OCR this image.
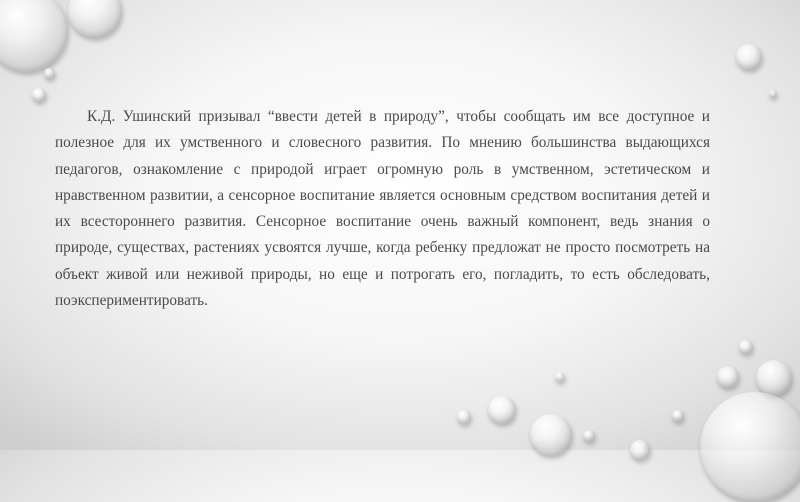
К.Д. Ушинский призывал “ввести детей в природу”, чтобы сообщать им все доступное и полезное для их умственного и словесного развития. По мнению большинства выдающихся педагогов, ознакомление с природой играет огромную роль в умственном, эстетическом и нравственном развитии, а сенсорное воспитание является основным средством воспитания детей и их всестороннего развития. Сенсорное воспитание очень важный компонент, ведь знания о природе, существах, растениях усвоятся лучше, когда ребенку предложат не просто посмотреть на объект живой или неживой природы, но еще и потрогать его, погладить, то есть обследовать, поэкспериментировать.
